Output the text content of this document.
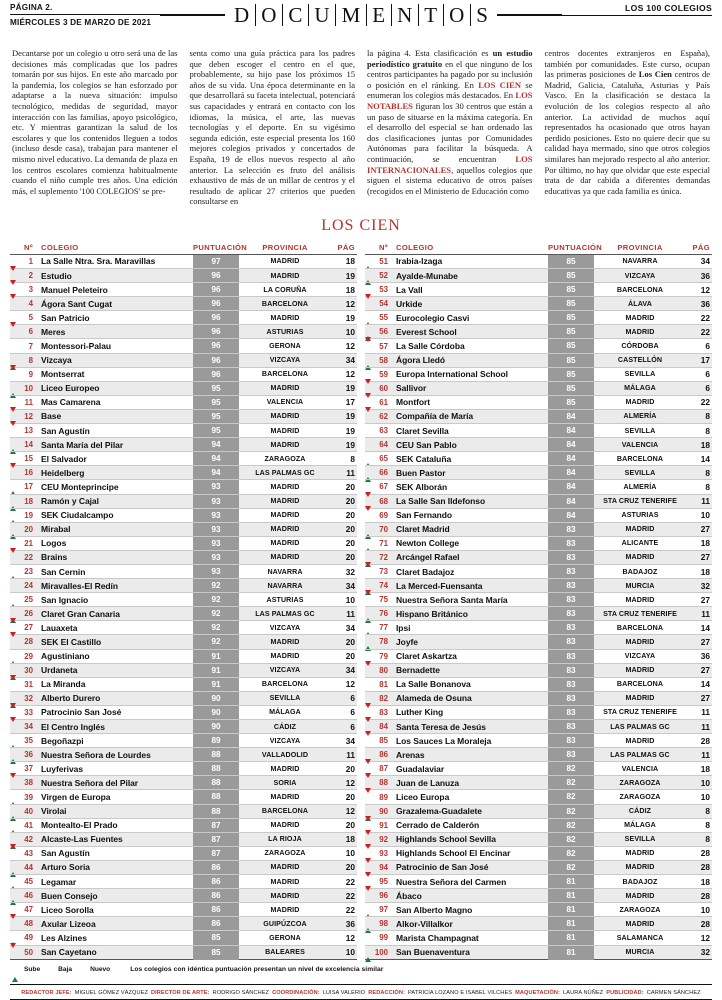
PÁGINA 2.
MIÉRCOLES 3 DE MARZO DE 2021	D O C U M E N T O S	LOS 100 COLEGIOS

Decantarse por un colegio u otro será una de las decisiones más complicadas que los padres tomarán por sus hijos. En este año marcado por la pandemia, los colegios se han esforzado por adaptarse a la nueva situación: impulso tecnológico, medidas de seguridad, mayor interacción con las familias, apoyo psicológico, etc. Y mientras garantizan la salud de los escolares y que los contenidos lleguen a todos (incluso desde casa), trabajan para mantener el mismo nivel educativo. La demanda de plaza en los centros escolares comienza habitualmente cuando el niño cumple tres años. Una edición más, el suplemento '100 COLEGIOS' se pre-

senta como una guía práctica para los padres que deben escoger el centro en el que, probablemente, su hijo pase los próximos 15 años de su vida. Una época determinante en la que desarrollará su faceta intelectual, potenciará sus capacidades y entrará en contacto con los idiomas, la música, el arte, las nuevas tecnologías y el deporte. En su vigésimo segunda edición, este especial presenta los 160 mejores colegios privados y concertados de España, 19 de ellos nuevos respecto al año anterior. La selección es fruto del análisis exhaustivo de más de un millar de centros y el resultado de aplicar 27 criterios que pueden consultarse en

la página 4. Esta clasificación es un estudio periodístico gratuito en el que ninguno de los centros participantes ha pagado por su inclusión o posición en el ránking. En LOS CIEN se enumeran los colegios más destacados. En LOS NOTABLES figuran los 30 centros que están a un paso de situarse en la máxima categoría. En el desarrollo del especial se han ordenado las dos clasificaciones juntas por Comunidades Autónomas para facilitar la búsqueda. A continuación, se encuentran LOS INTERNACIONALES, aquellos colegios que siguen el sistema educativo de otros países (recogidos en el Ministerio de Educación como

centros docentes extranjeros en España), también por comunidades. Este curso, ocupan las primeras posiciones de Los Cien centros de Madrid, Galicia, Cataluña, Asturias y País Vasco. En la clasificación se destaca la evolución de los colegios respecto al año anterior. La actividad de muchos aquí representados ha ocasionado que otros hayan perdido posiciones. Esto no quiere decir que su calidad haya mermado, sino que otros colegios similares han mejorado respecto al año anterior. Por último, no hay que olvidar que este especial trata de dar cabida a diferentes demandas educativas ya que cada familia es única.

LOS CIEN
Nº	COLEGIO	PUNTUACIÓN	PROVINCIA	PÁG
1 La Salle Ntra. Sra. Maravillas	97	MADRID	18
2 Estudio	96	MADRID	19
3 Manuel Peleteiro	96	LA CORUÑA	18
4 Ágora Sant Cugat	96	BARCELONA	12
5 San Patricio	96	MADRID	19
6 Meres	96	ASTURIAS	10
7 Montessori-Palau	96	GERONA	12
8 Vizcaya	96	VIZCAYA	34
9 Montserrat	96	BARCELONA	12
10 Liceo Europeo	95	MADRID	19
11 Mas Camarena	95	VALENCIA	17
12 Base	95	MADRID	19
13 San Agustín	95	MADRID	19
14 Santa María del Pilar	94	MADRID	19
15 El Salvador	94	ZARAGOZA	8
16 Heidelberg	94	LAS PALMAS GC	11
17 CEU Monteprincipe	93	MADRID	20
18 Ramón y Cajal	93	MADRID	20
19 SEK Ciudalcampo	93	MADRID	20
20 Mirabal	93	MADRID	20
21 Logos	93	MADRID	20
22 Brains	93	MADRID	20
23 San Cernin	93	NAVARRA	32
24 Miravalles-El Redín	92	NAVARRA	34
25 San Ignacio	92	ASTURIAS	10
26 Claret Gran Canaria	92	LAS PALMAS GC	11
27 Lauaxeta	92	VIZCAYA	34
28 SEK El Castillo	92	MADRID	20
29 Agustiniano	91	MADRID	20
30 Urdaneta	91	VIZCAYA	34
31 La Miranda	91	BARCELONA	12
32 Alberto Durero	90	SEVILLA	6
33 Patrocinio San José	90	MÁLAGA	6
34 El Centro Inglés	90	CÁDIZ	6
35 Begoñazpi	89	VIZCAYA	34
36 Nuestra Señora de Lourdes	88	VALLADOLID	11
37 Luyferivas	88	MADRID	20
38 Nuestra Señora del Pilar	88	SORIA	12
39 Virgen de Europa	88	MADRID	20
40 Virolai	88	BARCELONA	12
41 Montealto-El Prado	87	MADRID	20
42 Alcaste-Las Fuentes	87	LA RIOJA	18
43 San Agustín	87	ZARAGOZA	10
44 Arturo Soria	86	MADRID	20
45 Legamar	86	MADRID	22
46 Buen Consejo	86	MADRID	22
47 Liceo Sorolla	86	MADRID	22
48 Axular Lizeoa	86	GUIPÚZCOA	36
49 Les Alzines	85	GERONA	12
50 San Cayetano	85	BALEARES	10
Nº	COLEGIO	PUNTUACIÓN	PROVINCIA	PÁG
51 Irabia-Izaga	85	NAVARRA	34
52 Ayalde-Munabe	85	VIZCAYA	36
53 La Vall	85	BARCELONA	12
54 Urkide	85	ÁLAVA	36
55 Eurocolegio Casvi	85	MADRID	22
56 Everest School	85	MADRID	22
57 La Salle Córdoba	85	CÓRDOBA	6
58 Ágora Lledó	85	CASTELLÓN	17
59 Europa International School	85	SEVILLA	6
60 Sallivor	85	MÁLAGA	6
61 Montfort	85	MADRID	22
62 Compañía de María	84	ALMERÍA	8
63 Claret Sevilla	84	SEVILLA	8
64 CEU San Pablo	84	VALENCIA	18
65 SEK Cataluña	84	BARCELONA	14
66 Buen Pastor	84	SEVILLA	8
67 SEK Alborán	84	ALMERÍA	8
68 La Salle San Ildefonso	84	STA CRUZ TENERIFE	11
69 San Fernando	84	ASTURIAS	10
70 Claret Madrid	83	MADRID	27
71 Newton College	83	ALICANTE	18
72 Arcángel Rafael	83	MADRID	27
73 Claret Badajoz	83	BADAJOZ	18
74 La Merced-Fuensanta	83	MURCIA	32
75 Nuestra Señora Santa María	83	MADRID	27
76 Hispano Británico	83	STA CRUZ TENERIFE	11
77 Ipsi	83	BARCELONA	14
78 Joyfe	83	MADRID	27
79 Claret Askartza	83	VIZCAYA	36
80 Bernadette	83	MADRID	27
81 La Salle Bonanova	83	BARCELONA	14
82 Alameda de Osuna	83	MADRID	27
83 Luther King	83	STA CRUZ TENERIFE	11
84 Santa Teresa de Jesús	83	LAS PALMAS GC	11
85 Los Sauces La Moraleja	83	MADRID	28
86 Arenas	83	LAS PALMAS GC	11
87 Guadalaviar	82	VALENCIA	18
88 Juan de Lanuza	82	ZARAGOZA	10
89 Liceo Europa	82	ZARAGOZA	10
90 Grazalema-Guadalete	82	CÁDIZ	8
91 Cerrado de Calderón	82	MÁLAGA	8
92 Highlands School Sevilla	82	SEVILLA	8
93 Highlands School El Encinar	82	MADRID	28
94 Patrocinio de San José	82	MADRID	28
95 Nuestra Señora del Carmen	81	BADAJOZ	18
96 Ábaco	81	MADRID	28
97 San Alberto Magno	81	ZARAGOZA	10
98 Alkor-Villalkor	81	MADRID	28
99 Marista Champagnat	81	SALAMANCA	12
100 San Buenaventura	81	MURCIA	32
Sube	Baja	Nuevo	Los colegios con idéntica puntuación presentan un nivel de excelencia similar
REDACTOR JEFE: MIGUEL GÓMEZ VÁZQUEZ DIRECTOR DE ARTE: RODRIGO SÁNCHEZ COORDINACIÓN: LUISA VALERIO REDACCIÓN: PATRICIA LOZANO E ISABEL VILCHES MAQUETACIÓN: LAURA NÚÑEZ PUBLICIDAD: CARMEN SÁNCHEZ
